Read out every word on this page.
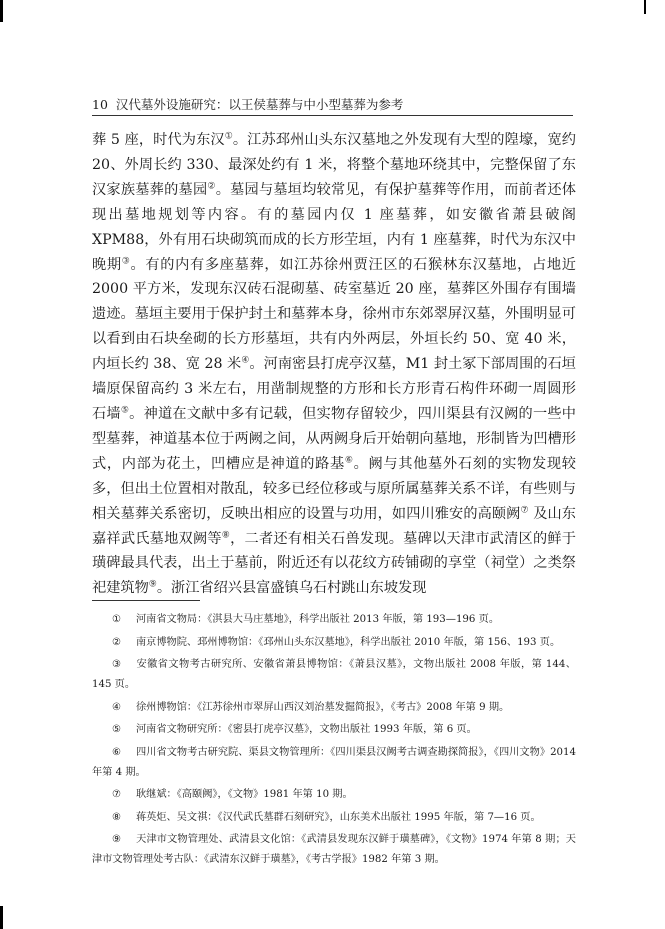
10 汉代墓外设施研究：以王侯墓葬与中小型墓葬为参考

葬 5 座，时代为东汉①。江苏邳州山头东汉墓地之外发现有大型的隍壕，宽约 20、外周长约 330、最深处约有 1 米，将整个墓地环绕其中，完整保留了东汉家族墓葬的墓园②。墓园与墓垣均较常见，有保护墓葬等作用，而前者还体现出墓地规划等内容。有的墓园内仅 1 座墓葬，如安徽省萧县破阁 XPM88，外有用石块砌筑而成的长方形茔垣，内有 1 座墓葬，时代为东汉中晚期③。有的内有多座墓葬，如江苏徐州贾汪区的石猴林东汉墓地，占地近 2000 平方米，发现东汉砖石混砌墓、砖室墓近 20 座，墓葬区外围存有围墙遗迹。墓垣主要用于保护封土和墓葬本身，徐州市东郊翠屏汉墓，外围明显可以看到由石块垒砌的长方形墓垣，共有内外两层，外垣长约 50、宽 40 米，内垣长约 38、宽 28 米④。河南密县打虎亭汉墓，M1 封土冢下部周围的石垣墙原保留高约 3 米左右，用凿制规整的方形和长方形青石构件环砌一周圆形石墙⑤。神道在文献中多有记载，但实物存留较少，四川渠县有汉阙的一些中型墓葬，神道基本位于两阙之间，从两阙身后开始朝向墓地，形制皆为凹槽形式，内部为花土，凹槽应是神道的路基⑥。阙与其他墓外石刻的实物发现较多，但出土位置相对散乱，较多已经位移或与原所属墓葬关系不详，有些则与相关墓葬关系密切，反映出相应的设置与功用，如四川雅安的高颐阙⑦ 及山东嘉祥武氏墓地双阙等⑧，二者还有相关石兽发现。墓碑以天津市武清区的鲜于璜碑最具代表，出土于墓前，附近还有以花纹方砖铺砌的享堂（祠堂）之类祭祀建筑物⑨。浙江省绍兴县富盛镇乌石村跳山东坡发现

① 河南省文物局：《淇县大马庄墓地》，科学出版社 2013 年版，第 193—196 页。

② 南京博物院、邳州博物馆：《邳州山头东汉墓地》，科学出版社 2010 年版，第 156、193 页。

③ 安徽省文物考古研究所、安徽省萧县博物馆：《萧县汉墓》，文物出版社 2008 年版，第 144、145 页。

④ 徐州博物馆：《江苏徐州市翠屏山西汉刘治墓发掘简报》，《考古》2008 年第 9 期。

⑤ 河南省文物研究所：《密县打虎亭汉墓》，文物出版社 1993 年版，第 6 页。

⑥ 四川省文物考古研究院、渠县文物管理所：《四川渠县汉阙考古调查勘探简报》，《四川文物》2014 年第 4 期。

⑦ 耿继斌：《高颐阙》，《文物》1981 年第 10 期。

⑧ 蒋英炬、吴文祺：《汉代武氏墓群石刻研究》，山东美术出版社 1995 年版，第 7—16 页。

⑨ 天津市文物管理处、武清县文化馆：《武清县发现东汉鲜于璜墓碑》，《文物》1974 年第 8 期；天津市文物管理处考古队：《武清东汉鲜于璜墓》，《考古学报》1982 年第 3 期。
